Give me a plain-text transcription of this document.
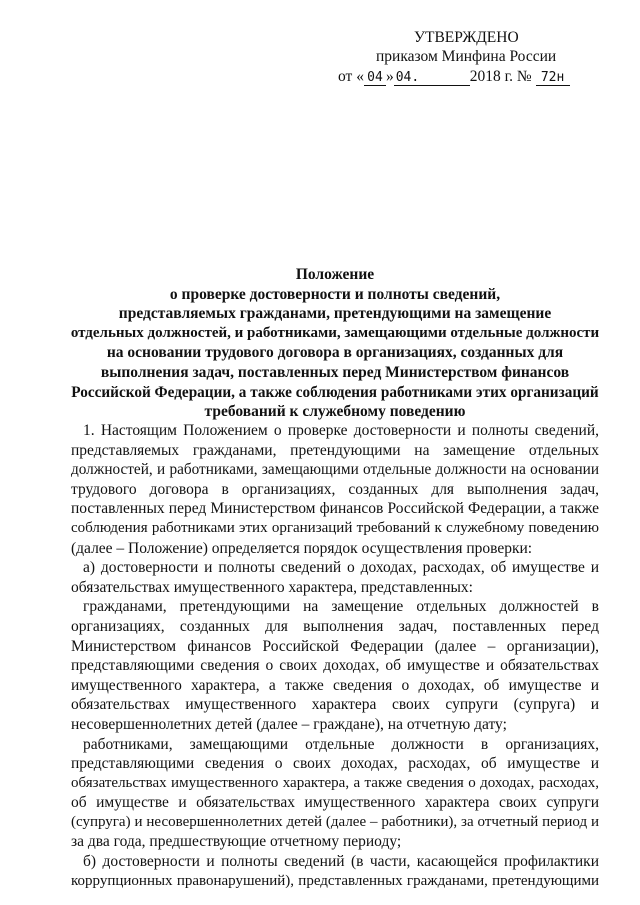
УТВЕРЖДЕНО
приказом Минфина России
от « 04 » 04.	2018 г. № 72н
Положение
о проверке достоверности и полноты сведений,
представляемых гражданами, претендующими на замещение
отдельных должностей, и работниками, замещающими отдельные должности
на основании трудового договора в организациях, созданных для
выполнения задач, поставленных перед Министерством финансов
Российской Федерации, а также соблюдения работниками этих организаций
требований к служебному поведению
1. Настоящим Положением о проверке достоверности и полноты сведений,
представляемых гражданами, претендующими на замещение отдельных
должностей, и работниками, замещающими отдельные должности на основании
трудового договора в организациях, созданных для выполнения задач,
поставленных перед Министерством финансов Российской Федерации, а также
соблюдения работниками этих организаций требований к служебному поведению
(далее – Положение) определяется порядок осуществления проверки:
а) достоверности и полноты сведений о доходах, расходах, об имуществе и
обязательствах имущественного характера, представленных:
гражданами, претендующими на замещение отдельных должностей в
организациях, созданных для выполнения задач, поставленных перед
Министерством финансов Российской Федерации (далее – организации),
представляющими сведения о своих доходах, об имуществе и обязательствах
имущественного характера, а также сведения о доходах, об имуществе и
обязательствах имущественного характера своих супруги (супруга) и
несовершеннолетних детей (далее – граждане), на отчетную дату;
работниками, замещающими отдельные должности в организациях,
представляющими сведения о своих доходах, расходах, об имуществе и
обязательствах имущественного характера, а также сведения о доходах, расходах,
об имуществе и обязательствах имущественного характера своих супруги
(супруга) и несовершеннолетних детей (далее – работники), за отчетный период и
за два года, предшествующие отчетному периоду;
б) достоверности и полноты сведений (в части, касающейся профилактики
коррупционных правонарушений), представленных гражданами, претендующими
